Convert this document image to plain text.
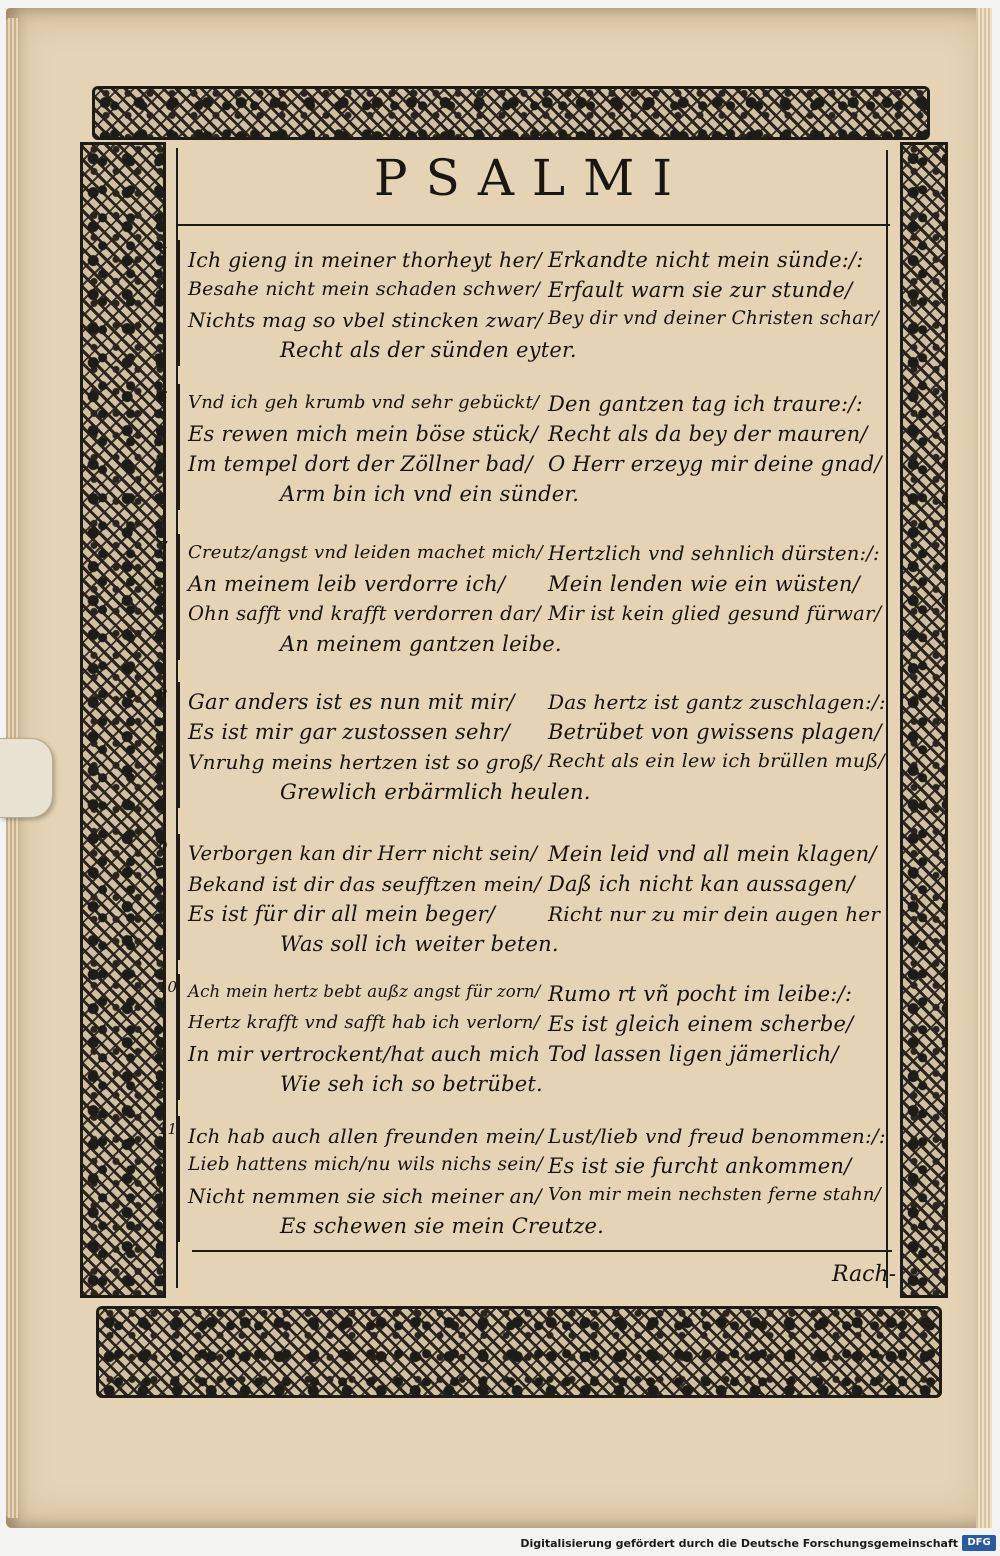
PSALMI
5 Ich gieng in meiner thorheyt her/ Erkandte nicht mein sünde:/:
Besahe nicht mein schaden schwer/ Erfault warn sie zur stunde/
Nichts mag so vbel stincken zwar/ Bey dir vnd deiner Christen schar/
Recht als der sünden eyter.
6 Vnd ich geh krumb vnd sehr gebückt/ Den gantzen tag ich traure:/:
Es rewen mich mein böse stück/ Recht als da bey der mauren/
Im tempel dort der Zöllner bad/ O Herr erzeyg mir deine gnad/
Arm bin ich vnd ein sünder.
7 Creutz/angst vnd leiden machet mich/ Hertzlich vnd sehnlich dürsten:/:
An meinem leib verdorre ich/ Mein lenden wie ein wüsten/
Ohn safft vnd krafft verdorren dar/ Mir ist kein glied gesund fürwar/
An meinem gantzen leibe.
8 Gar anders ist es nun mit mir/ Das hertz ist gantz zuschlagen:/:
Es ist mir gar zustossen sehr/ Betrübet von gwissens plagen/
Vnruhg meins hertzen ist so groß/ Recht als ein lew ich brüllen muß/
Grewlich erbärmlich heulen.
9 Verborgen kan dir Herr nicht sein/ Mein leid vnd all mein klagen/
Bekand ist dir das seufftzen mein/ Daß ich nicht kan aussagen/
Es ist für dir all mein beger/	Richt nur zu mir dein augen her
Was soll ich weiter beten.
10 Ach mein hertz bebt außz angst für zorn/ Rumo rt vñ pocht im leibe:/:
Hertz krafft vnd safft hab ich verlorn/ Es ist gleich einem scherbe/
In mir vertrockent/hat auch mich Tod lassen ligen jämerlich/
Wie seh ich so betrübet.
11 Ich hab auch allen freunden mein/ Lust/lieb vnd freud benommen:/:
Lieb hattens mich/nu wils nichs sein/ Es ist sie furcht ankommen/
Nicht nemmen sie sich meiner an/ Von mir mein nechsten ferne stahn/
Es schewen sie mein Creutze.
Rach-
Digitalisierung gefördert durch die Deutsche Forschungsgemeinschaft DFG
